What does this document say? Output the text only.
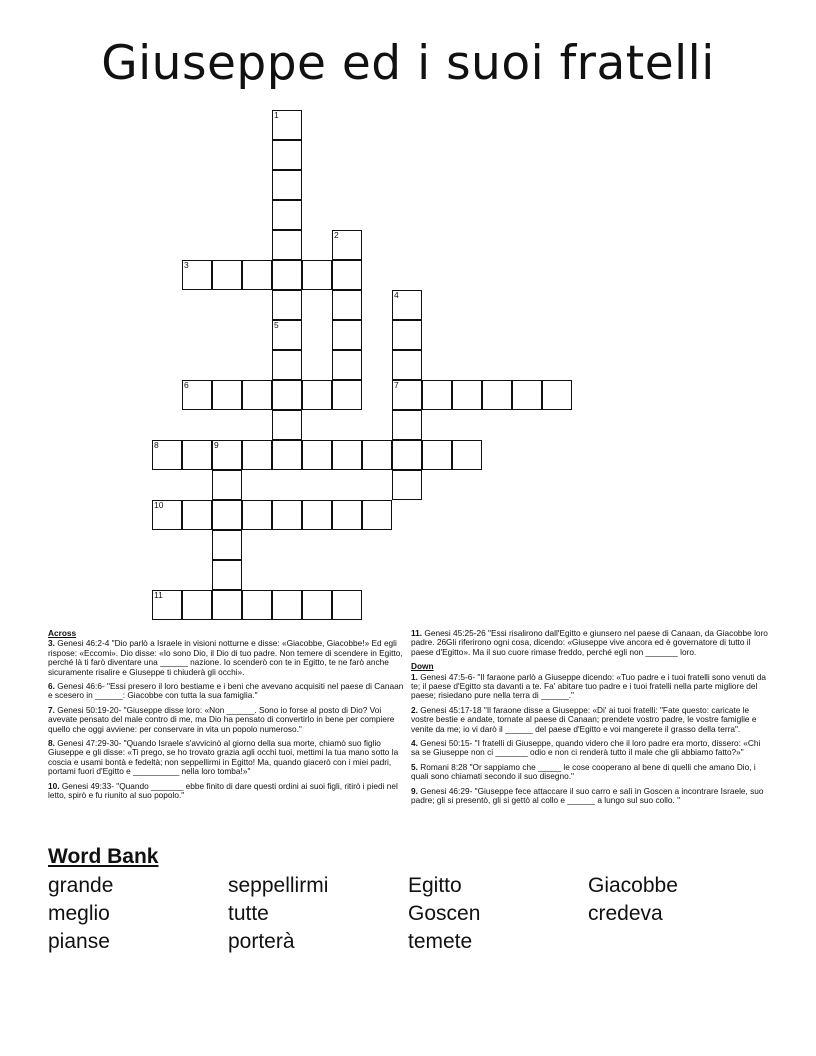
Giuseppe ed i suoi fratelli
1
5
2
3
4
7
6
8	9
10
11
Across
3. Genesi 46:2-4 "Dio parlò a Israele in visioni notturne e disse: «Giacobbe, Giacobbe!» Ed egli rispose: «Eccomi». Dio disse: «Io sono Dio, il Dio di tuo padre. Non temere di scendere in Egitto, perché là ti farò diventare una ______ nazione. Io scenderò con te in Egitto, te ne farò anche sicuramente risalire e Giuseppe ti chiuderà gli occhi».
6. Genesi 46:6- "Essi presero il loro bestiame e i beni che avevano acquisiti nel paese di Canaan e scesero in ______: Giacobbe con tutta la sua famiglia."
7. Genesi 50:19-20- "Giuseppe disse loro: «Non ______. Sono io forse al posto di Dio? Voi avevate pensato del male contro di me, ma Dio ha pensato di convertirlo in bene per compiere quello che oggi avviene: per conservare in vita un popolo numeroso."
8. Genesi 47:29-30- "Quando Israele s'avvicinò al giorno della sua morte, chiamò suo figlio Giuseppe e gli disse: «Ti prego, se ho trovato grazia agli occhi tuoi, mettimi la tua mano sotto la coscia e usami bontà e fedeltà; non seppellirmi in Egitto! Ma, quando giacerò con i miei padri, portami fuori d'Egitto e __________ nella loro tomba!»"
10. Genesi 49:33- "Quando _______ ebbe finito di dare questi ordini ai suoi figli, ritirò i piedi nel letto, spirò e fu riunito al suo popolo."
11. Genesi 45:25-26 "Essi risalirono dall'Egitto e giunsero nel paese di Canaan, da Giacobbe loro padre. 26Gli riferirono ogni cosa, dicendo: «Giuseppe vive ancora ed è governatore di tutto il paese d'Egitto». Ma il suo cuore rimase freddo, perché egli non _______ loro.
Down
1. Genesi 47:5-6- "Il faraone parlò a Giuseppe dicendo: «Tuo padre e i tuoi fratelli sono venuti da te; il paese d'Egitto sta davanti a te. Fa' abitare tuo padre e i tuoi fratelli nella parte migliore del paese; risiedano pure nella terra di ______."
2. Genesi 45:17-18 "Il faraone disse a Giuseppe: «Di' ai tuoi fratelli: "Fate questo: caricate le vostre bestie e andate, tornate al paese di Canaan; prendete vostro padre, le vostre famiglie e venite da me; io vi darò il ______ del paese d'Egitto e voi mangerete il grasso della terra".
4. Genesi 50:15- "I fratelli di Giuseppe, quando videro che il loro padre era morto, dissero: «Chi sa se Giuseppe non ci _______ odio e non ci renderà tutto il male che gli abbiamo fatto?»"
5. Romani 8:28 "Or sappiamo che _____ le cose cooperano al bene di quelli che amano Dio, i quali sono chiamati secondo il suo disegno."
9. Genesi 46:29- "Giuseppe fece attaccare il suo carro e salì in Goscen a incontrare Israele, suo padre; gli si presentò, gli si gettò al collo e ______ a lungo sul suo collo. "
Word Bank
grande	seppellirmi	Egitto	Giacobbe
meglio	tutte	Goscen	credeva
pianse	porterà	temete
